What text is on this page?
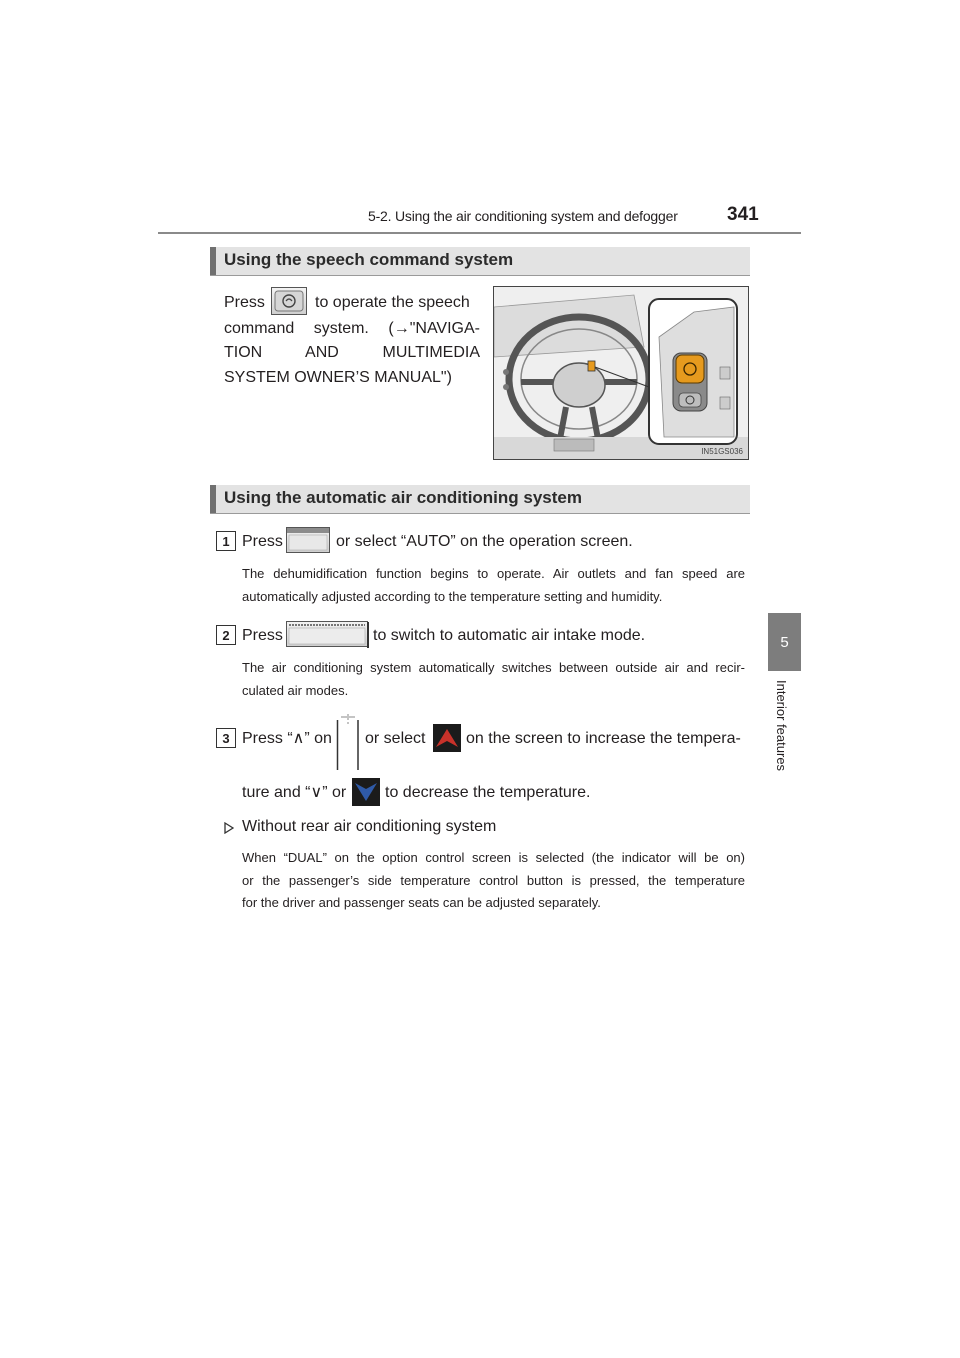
5-2. Using the air conditioning system and defogger	341
5
Interior features
Using the speech command system
Press	to operate the speech
command system. (→"NAVIGA-
TION AND MULTIMEDIA
SYSTEM OWNER’S MANUAL")
IN51GS036
Using the automatic air conditioning system
1 Press	or select “AUTO” on the operation screen.
The dehumidification function begins to operate. Air outlets and fan speed are
automatically adjusted according to the temperature setting and humidity.
2 Press	to switch to automatic air intake mode.
The air conditioning system automatically switches between outside air and recir-
culated air modes.
3 Press “∧” on or select	on the screen to increase the tempera-
ture and “∨” or to decrease the temperature.
Without rear air conditioning system
When “DUAL” on the option control screen is selected (the indicator will be on)
or the passenger’s side temperature control button is pressed, the temperature
for the driver and passenger seats can be adjusted separately.
